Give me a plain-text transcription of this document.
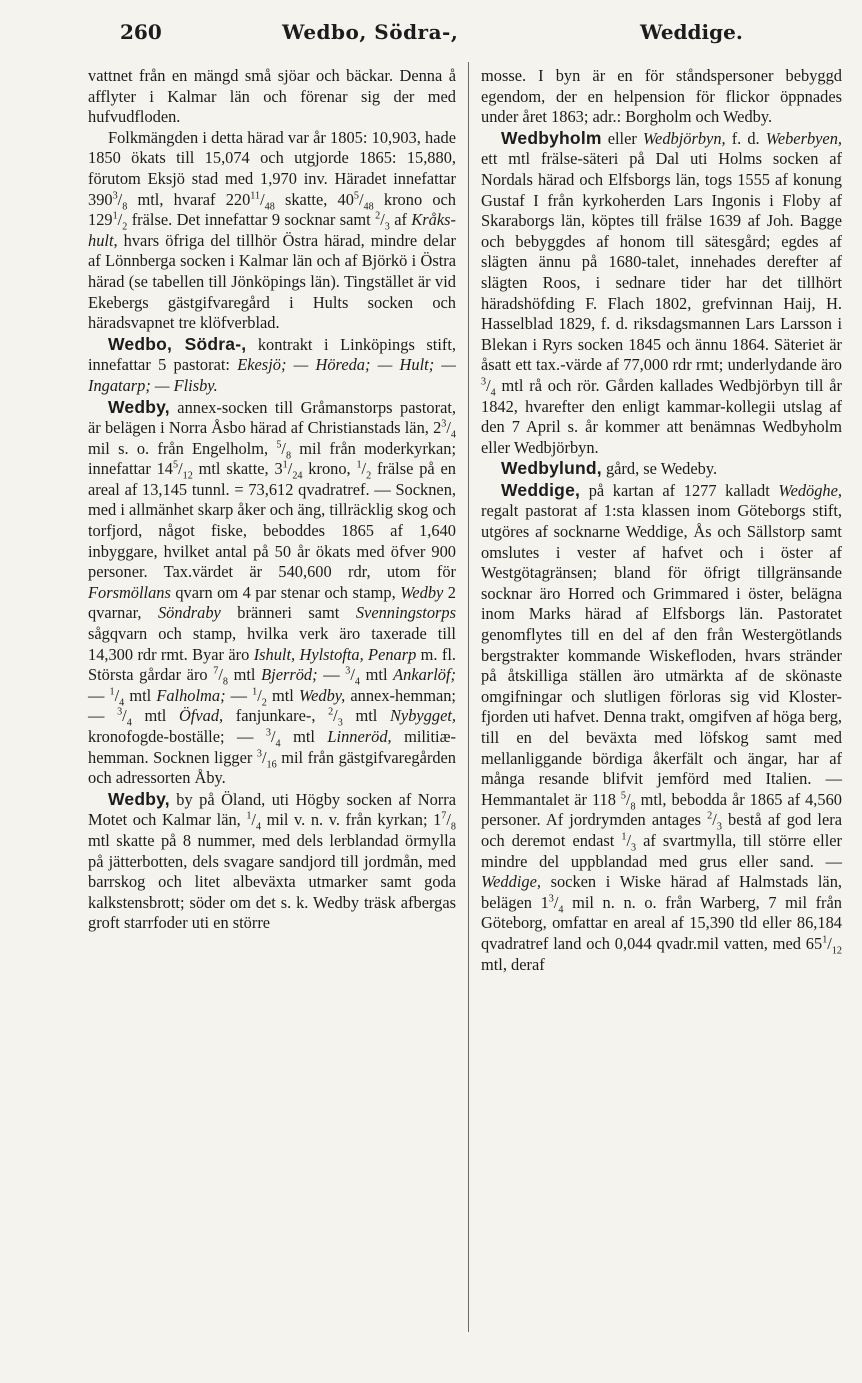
260	Wedbo, Södra-,	Weddige.

vattnet från en mängd små sjöar och bäckar. Denna å afflyter i Kalmar län och förenar sig der med hufvudfloden.

Folkmängden i detta härad var år 1805: 10,903, hade 1850 ökats till 15,074 och utgjorde 1865: 15,880, förutom Eksjö stad med 1,970 inv. Häradet innefattar $390^3/_8$ mtl, hvaraf $220^{11}/_{48}$ skatte, $40^5/_{48}$ krono och $129^1/_2$ frälse. Det innefattar 9 socknar samt $^2/_3$ af Kråks-hult, hvars öfriga del tillhör Östra härad, mindre delar af Lönnberga socken i Kalmar län och af Björkö i Östra härad (se tabellen till Jönköpings län). Tingstället är vid Ekebergs gästgifvaregård i Hults socken och häradsvapnet tre klöfverblad.

Wedbo, Södra-, kontrakt i Linköpings stift, innefattar 5 pastorat: Ekesjö; — Höreda; — Hult; — Ingatarp; — Flisby.

Wedby, annex-socken till Gråmanstorps pastorat, är belägen i Norra Åsbo härad af Christianstads län, $2^3/_4$ mil s. o. från Engelholm, $^5/_8$ mil från moderkyrkan; innefattar $14^5/_{12}$ mtl skatte, $3^1/_{24}$ krono, $^1/_2$ frälse på en areal af 13,145 tunnl. = 73,612 qvadratref. — Socknen, med i allmänhet skarp åker och äng, tillräcklig skog och torfjord, något fiske, beboddes 1865 af 1,640 inbyggare, hvilket antal på 50 år ökats med öfver 900 personer. Tax.värdet är 540,600 rdr, utom för Forsmöllans qvarn om 4 par stenar och stamp, Wedby 2 qvarnar, Söndraby bränneri samt Svenningstorps sågqvarn och stamp, hvilka verk äro taxerade till 14,300 rdr rmt. Byar äro Ishult, Hylstofta, Penarp m. fl. Största gårdar äro $^7/_8$ mtl Bjerröd; — $^3/_4$ mtl Ankarlöf; — $^1/_4$ mtl Falholma; — $^1/_2$ mtl Wedby, annex-hemman; — $^3/_4$ mtl Öfvad, fanjunkare-, $^2/_3$ mtl Nybygget, kronofogde-boställe; — $^3/_4$ mtl Linneröd, militiæ-hemman. Socknen ligger $^3/_{16}$ mil från gästgifvaregården och adressorten Åby.

Wedby, by på Öland, uti Högby socken af Norra Motet och Kalmar län, $^1/_4$ mil v. n. v. från kyrkan; $1^7/_8$ mtl skatte på 8 nummer, med dels lerblandad örmylla på jätterbotten, dels svagare sandjord till jordmån, med barrskog och litet albeväxta utmarker samt goda kalkstensbrott; söder om det s. k. Wedby träsk afbergas groft starrfoder uti en större

mosse. I byn är en för ståndspersoner bebyggd egendom, der en helpension för flickor öppnades under året 1863; adr.: Borgholm och Wedby.

Wedbyholm eller Wedbjörbyn, f. d. Weberbyen, ett mtl frälse-säteri på Dal uti Holms socken af Nordals härad och Elfsborgs län, togs 1555 af konung Gustaf I från kyrkoherden Lars Ingonis i Floby af Skaraborgs län, köptes till frälse 1639 af Joh. Bagge och bebyggdes af honom till sätesgård; egdes af slägten ännu på 1680-talet, innehades derefter af slägten Roos, i sednare tider har det tillhört häradshöfding F. Flach 1802, grefvinnan Haij, H. Hasselblad 1829, f. d. riksdagsmannen Lars Larsson i Blekan i Ryrs socken 1845 och ännu 1864. Säteriet är åsatt ett tax.-värde af 77,000 rdr rmt; underlydande äro $^3/_4$ mtl rå och rör. Gården kallades Wedbjörbyn till år 1842, hvarefter den enligt kammar-kollegii utslag af den 7 April s. år kommer att benämnas Wedbyholm eller Wedbjörbyn.

Wedbylund, gård, se Wedeby.

Weddige, på kartan af 1277 kalladt Wedöghe, regalt pastorat af 1:sta klassen inom Göteborgs stift, utgöres af socknarne Weddige, Ås och Sällstorp samt omslutes i vester af hafvet och i öster af Westgötagränsen; bland för öfrigt tillgränsande socknar äro Horred och Grimmared i öster, belägna inom Marks härad af Elfsborgs län. Pastoratet genomflytes till en del af den från Westergötlands bergstrakter kommande Wiskefloden, hvars stränder på åtskilliga ställen äro utmärkta af de skönaste omgifningar och slutligen förloras sig vid Kloster-fjorden uti hafvet. Denna trakt, omgifven af höga berg, till en del beväxta med löfskog samt med mellanliggande bördiga åkerfält och ängar, har af många resande blifvit jemförd med Italien. — Hemmantalet är 118 $^5/_8$ mtl, bebodda år 1865 af 4,560 personer. Af jordrymden antages $^2/_3$ bestå af god lera och deremot endast $^1/_3$ af svartmylla, till större eller mindre del uppblandad med grus eller sand. — Weddige, socken i Wiske härad af Halmstads län, belägen $1^3/_4$ mil n. n. o. från Warberg, 7 mil från Göteborg, omfattar en areal af 15,390 tld eller 86,184 qvadratref land och 0,044 qvadr.mil vatten, med $65^1/_{12}$ mtl, deraf
